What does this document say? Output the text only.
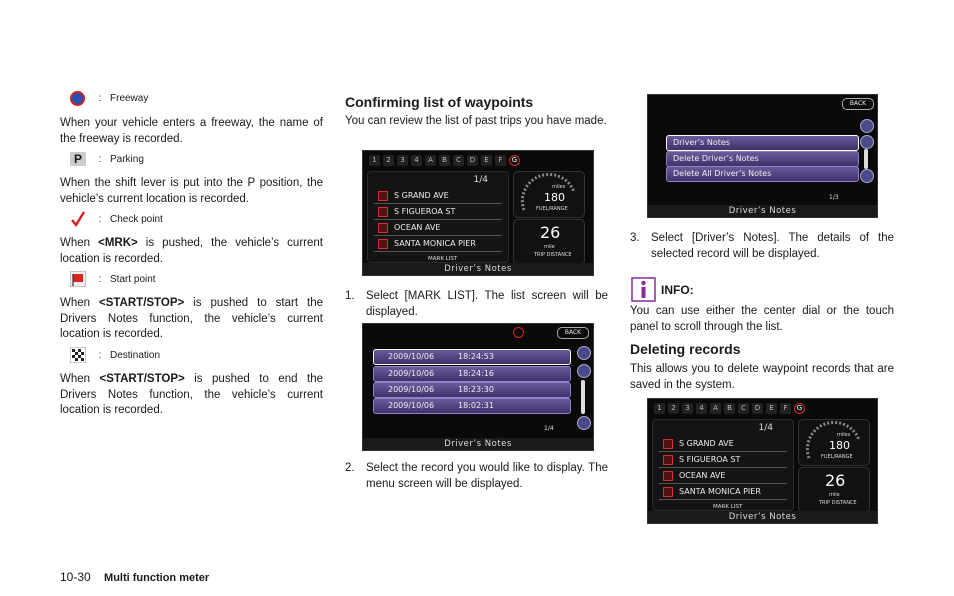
: Freeway

When your vehicle enters a freeway, the name of the freeway is recorded.

P	: Parking

When the shift lever is put into the P position, the vehicle’s current location is recorded.

: Check point

When <MRK> is pushed, the vehicle’s current location is recorded.

: Start point

When <START/STOP> is pushed to start the Drivers Notes function, the vehicle’s current location is recorded.

: Destination

When <START/STOP> is pushed to end the Drivers Notes function, the vehicle’s current location is recorded.

Confirming list of waypoints

You can review the list of past trips you have made.

1	2	3	4	A	B	C	D	E	F	G
1/4
S GRAND AVE
S FIGUEROA ST
OCEAN AVE
SANTA MONICA PIER
MARK LIST
miles
180
FUEL/RANGE
26
mile
TRIP DISTANCE
Driver’s Notes
1. Select [MARK LIST]. The list screen will be displayed.
BACK
2009/10/06	18:24:53
2009/10/06	18:24:16
2009/10/06	18:23:30
2009/10/06	18:02:31
1/4
Driver’s Notes
2. Select the record you would like to display. The menu screen will be displayed.
BACK
Driver’s Notes
Delete Driver’s Notes
Delete All Driver’s Notes
1/3
Driver’s Notes
3. Select [Driver’s Notes]. The details of the selected record will be displayed.
INFO:

You can use either the center dial or the touch panel to scroll through the list.

Deleting records

This allows you to delete waypoint records that are saved in the system.

1	2	3	4	A	B	C	D	E	F	G
1/4
S GRAND AVE
S FIGUEROA ST
OCEAN AVE
SANTA MONICA PIER
MARK LIST
miles
180
FUEL/RANGE
26
mile
TRIP DISTANCE
Driver’s Notes
10-30 Multi function meter
